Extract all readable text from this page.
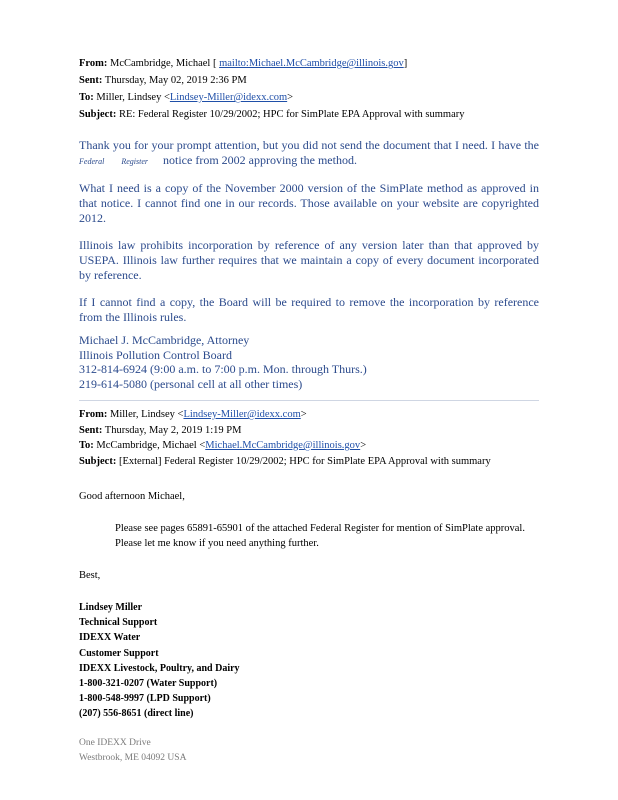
From: McCambridge, Michael [ mailto:Michael.McCambridge@illinois.gov]
Sent: Thursday, May 02, 2019 2:36 PM
To: Miller, Lindsey <Lindsey-Miller@idexx.com>
Subject: RE: Federal Register 10/29/2002; HPC for SimPlate EPA Approval with summary

Thank you for your prompt attention, but you did not send the document that I need. I have the Federal Register notice from 2002 approving the method.

What I need is a copy of the November 2000 version of the SimPlate method as approved in that notice. I cannot find one in our records. Those available on your website are copyrighted 2012.

Illinois law prohibits incorporation by reference of any version later than that approved by USEPA. Illinois law further requires that we maintain a copy of every document incorporated by reference.

If I cannot find a copy, the Board will be required to remove the incorporation by reference from the Illinois rules.

Michael J. McCambridge, Attorney
Illinois Pollution Control Board
312-814-6924 (9:00 a.m. to 7:00 p.m. Mon. through Thurs.)
219-614-5080 (personal cell at all other times)
From: Miller, Lindsey <Lindsey-Miller@idexx.com>
Sent: Thursday, May 2, 2019 1:19 PM
To: McCambridge, Michael <Michael.McCambridge@illinois.gov>
Subject: [External] Federal Register 10/29/2002; HPC for SimPlate EPA Approval with summary
Good afternoon Michael,
Please see pages 65891-65901 of the attached Federal Register for mention of SimPlate approval. Please let me know if you need anything further.
Best,
Lindsey Miller
Technical Support
IDEXX Water
Customer Support
IDEXX Livestock, Poultry, and Dairy
1-800-321-0207 (Water Support)
1-800-548-9997 (LPD Support)
(207) 556-8651 (direct line)
One IDEXX Drive
Westbrook, ME 04092 USA
